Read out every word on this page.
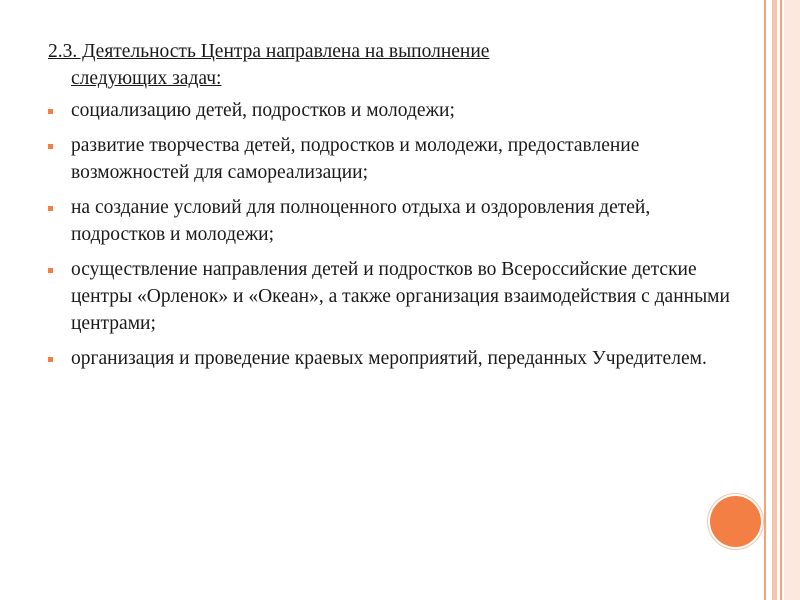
2.3. Деятельность Центра направлена на выполнение
следующих задач:
социализацию детей, подростков и молодежи;
развитие творчества детей, подростков и молодежи, предоставление возможностей для самореализации;
на создание условий для полноценного отдыха и оздоровления детей, подростков и молодежи;
осуществление направления детей и подростков во Всероссийские детские центры «Орленок» и «Океан», а также организация взаимодействия с данными центрами;
организация и проведение краевых мероприятий, переданных Учредителем.
